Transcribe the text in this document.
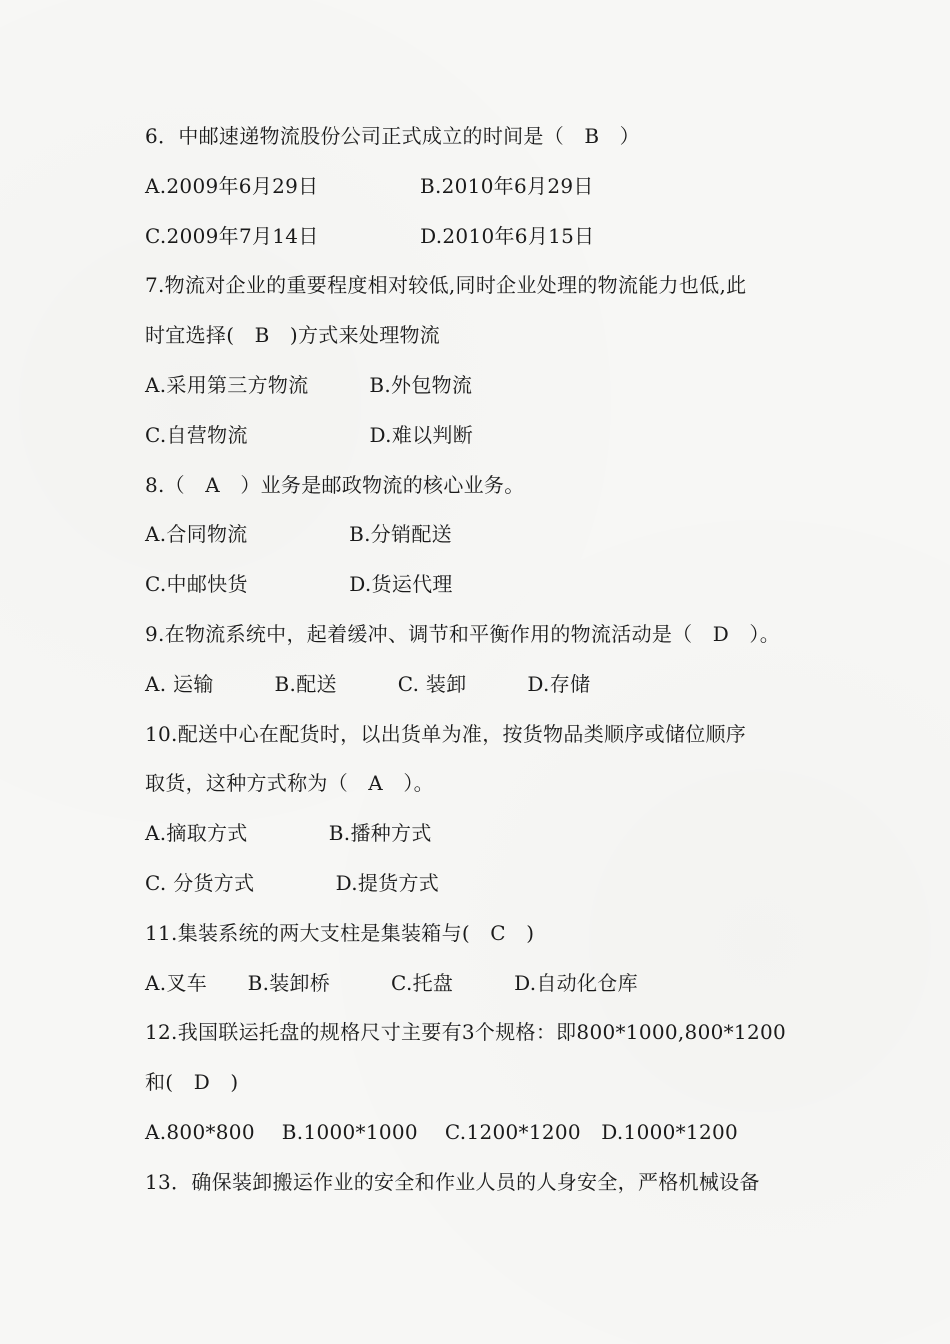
6．中邮速递物流股份公司正式成立的时间是（　B　）
A.2009年6月29日　　　　　B.2010年6月29日
C.2009年7月14日　　　　　D.2010年6月15日
7.物流对企业的重要程度相对较低,同时企业处理的物流能力也低,此
时宜选择(　B　)方式来处理物流
A.采用第三方物流　　　B.外包物流
C.自营物流　　　　　　D.难以判断
8.（　A　）业务是邮政物流的核心业务。
A.合同物流　　　　　B.分销配送
C.中邮快货　　　　　D.货运代理
9.在物流系统中，起着缓冲、调节和平衡作用的物流活动是（　D　）。
A. 运输　　　B.配送　　　C. 装卸　　　D.存储
10.配送中心在配货时，以出货单为准，按货物品类顺序或储位顺序
取货，这种方式称为（　A　）。
A.摘取方式　　　　B.播种方式
C. 分货方式　　　　D.提货方式
11.集装系统的两大支柱是集装箱与(　C　)
A.叉车　　B.装卸桥　　　C.托盘　　　D.自动化仓库
12.我国联运托盘的规格尺寸主要有3个规格：即800*1000,800*1200
和(　D　)
A.800*800　 B.1000*1000　 C.1200*1200　D.1000*1200
13．确保装卸搬运作业的安全和作业人员的人身安全，严格机械设备
